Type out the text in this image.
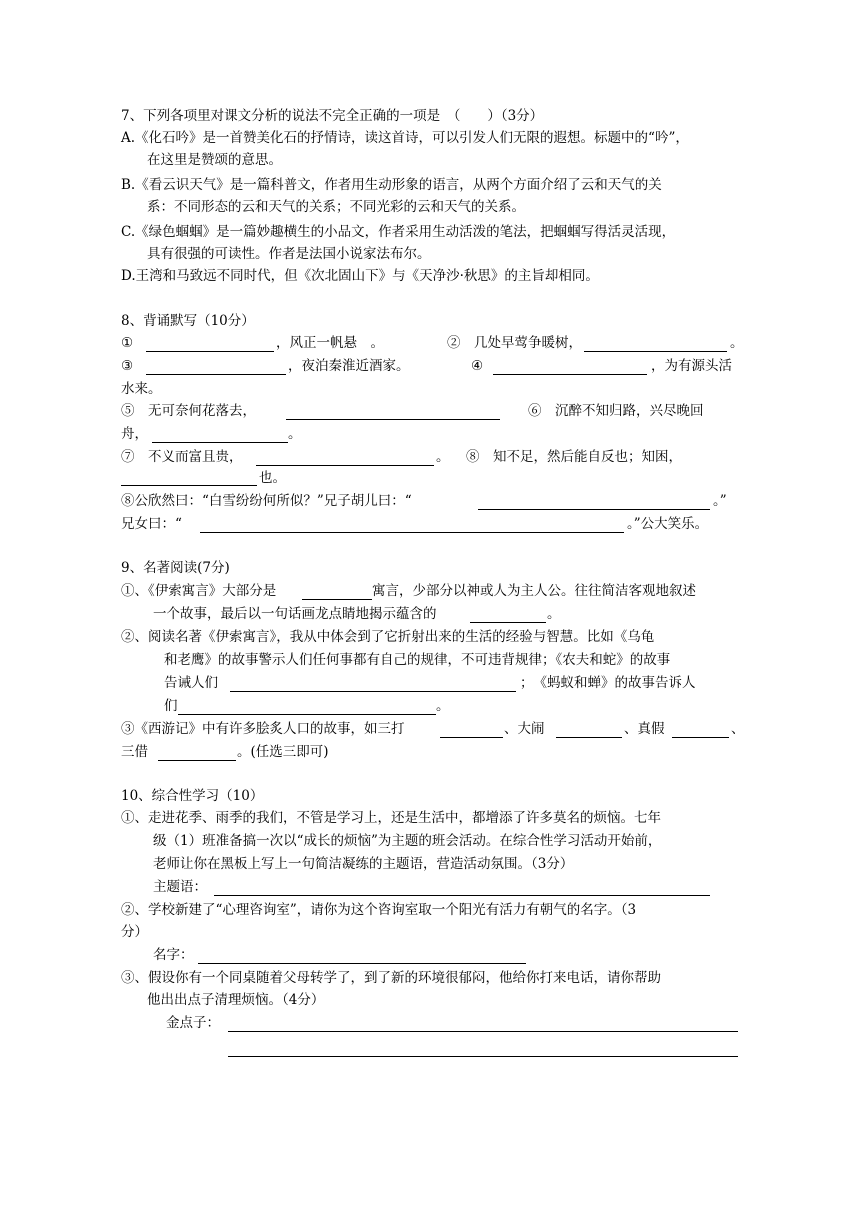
7、下列各项里对课文分析的说法不完全正确的一项是　（　　）（3分）
A.《化石吟》是一首赞美化石的抒情诗，读这首诗，可以引发人们无限的遐想。标题中的“吟”，
在这里是赞颂的意思。
B.《看云识天气》是一篇科普文，作者用生动形象的语言，从两个方面介绍了云和天气的关
系：不同形态的云和天气的关系；不同光彩的云和天气的关系。
C.《绿色蝈蝈》是一篇妙趣横生的小品文，作者采用生动活泼的笔法，把蝈蝈写得活灵活现，
具有很强的可读性。作者是法国小说家法布尔。
D.王湾和马致远不同时代，但《次北固山下》与《天净沙·秋思》的主旨却相同。
8、背诵默写（10分）
①	，风正一帆悬　。	②　几处早莺争暖树，	。
③	，夜泊秦淮近酒家。	④	，为有源头活
水来。
⑤　无可奈何花落去，	⑥　沉醉不知归路，兴尽晚回
舟，	。
⑦　不义而富且贵，	。 ⑧　知不足，然后能自反也；知困，
也。
⑧公欣然曰：“白雪纷纷何所似？”兄子胡儿曰：“	。”
兄女曰：“	。”公大笑乐。
9、名著阅读(7分)
①、《伊索寓言》大部分是	寓言，少部分以神或人为主人公。往往简洁客观地叙述
一个故事，最后以一句话画龙点睛地揭示蕴含的	。
②、阅读名著《伊索寓言》，我从中体会到了它折射出来的生活的经验与智慧。比如《乌龟
和老鹰》的故事警示人们任何事都有自己的规律，不可违背规律；《农夫和蛇》的故事
告诫人们	；　《蚂蚁和蝉》的故事告诉人
们	。
③《西游记》中有许多脍炙人口的故事，如三打	、大闹	、真假	、
三借	。(任选三即可)
10、综合性学习（10）
①、走进花季、雨季的我们，不管是学习上，还是生活中，都增添了许多莫名的烦恼。七年
级（1）班准备搞一次以“成长的烦恼”为主题的班会活动。在综合性学习活动开始前，
老师让你在黑板上写上一句简洁凝练的主题语，营造活动氛围。（3分）
主题语：
②、学校新建了“心理咨询室”，请你为这个咨询室取一个阳光有活力有朝气的名字。（3
分）
名字：
③、假设你有一个同桌随着父母转学了，到了新的环境很郁闷，他给你打来电话，请你帮助
他出出点子清理烦恼。（4分）
金点子：
